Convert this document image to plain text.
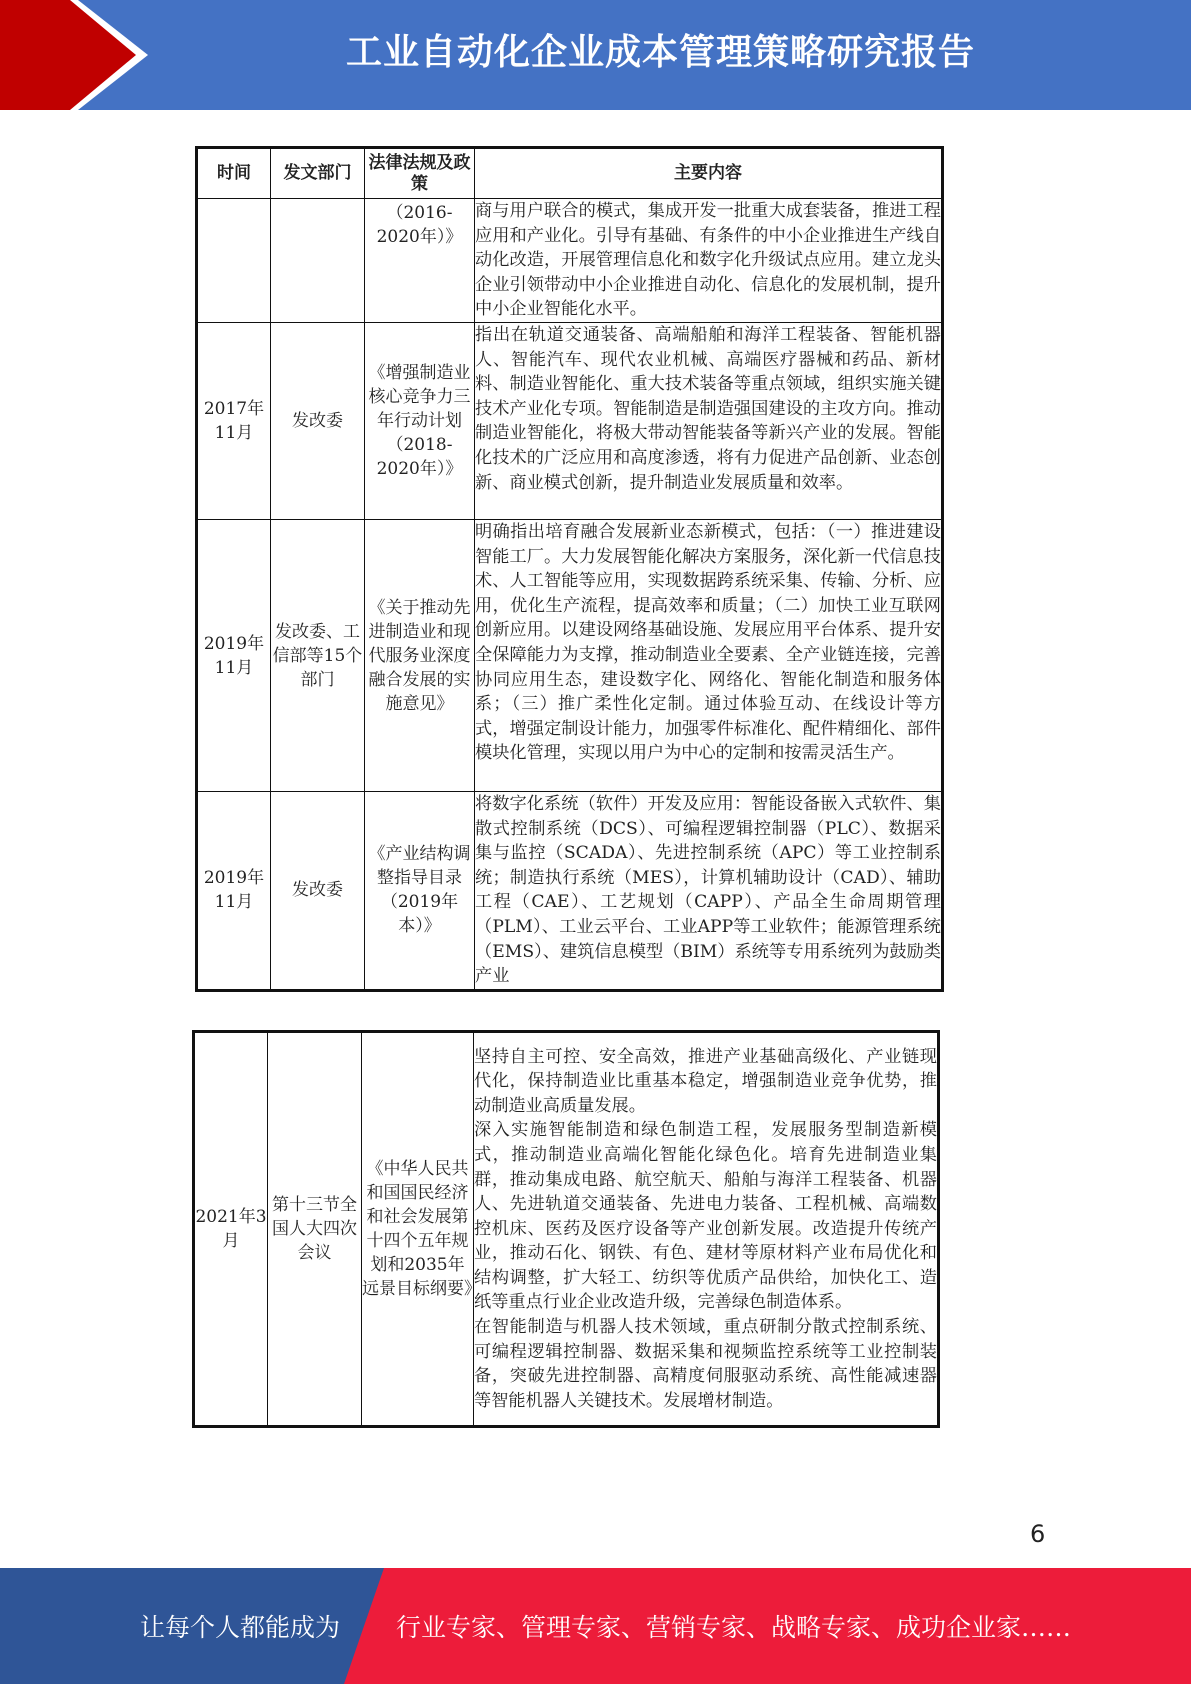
工业自动化企业成本管理策略研究报告
时间	发文部门	法律法规及政策	主要内容
		（2016-2020年）》	商与用户联合的模式，集成开发一批重大成套装备，推进工程应用和产业化。引导有基础、有条件的中小企业推进生产线自动化改造，开展管理信息化和数字化升级试点应用。建立龙头企业引领带动中小企业推进自动化、信息化的发展机制，提升中小企业智能化水平。
2017年11月	发改委	《增强制造业核心竞争力三年行动计划（2018-2020年）》	指出在轨道交通装备、高端船舶和海洋工程装备、智能机器人、智能汽车、现代农业机械、高端医疗器械和药品、新材料、制造业智能化、重大技术装备等重点领域，组织实施关键技术产业化专项。智能制造是制造强国建设的主攻方向。推动制造业智能化，将极大带动智能装备等新兴产业的发展。智能化技术的广泛应用和高度渗透，将有力促进产品创新、业态创新、商业模式创新，提升制造业发展质量和效率。
2019年11月	发改委、工信部等15个部门	《关于推动先进制造业和现代服务业深度融合发展的实施意见》	明确指出培育融合发展新业态新模式，包括：（一）推进建设智能工厂。大力发展智能化解决方案服务，深化新一代信息技术、人工智能等应用，实现数据跨系统采集、传输、分析、应用，优化生产流程，提高效率和质量；（二）加快工业互联网创新应用。以建设网络基础设施、发展应用平台体系、提升安全保障能力为支撑，推动制造业全要素、全产业链连接，完善协同应用生态，建设数字化、网络化、智能化制造和服务体系；（三）推广柔性化定制。通过体验互动、在线设计等方式，增强定制设计能力，加强零件标准化、配件精细化、部件模块化管理，实现以用户为中心的定制和按需灵活生产。
2019年11月	发改委	《产业结构调整指导目录（2019年本）》	将数字化系统（软件）开发及应用：智能设备嵌入式软件、集散式控制系统（DCS）、可编程逻辑控制器（PLC）、数据采集与监控（SCADA）、先进控制系统（APC）等工业控制系统；制造执行系统（MES），计算机辅助设计（CAD）、辅助工程（CAE）、工艺规划（CAPP）、产品全生命周期管理（PLM）、工业云平台、工业APP等工业软件；能源管理系统（EMS）、建筑信息模型（BIM）系统等专用系统列为鼓励类产业
2021年3月	第十三节全国人大四次会议	《中华人民共和国国民经济和社会发展第十四个五年规划和2035年远景目标纲要》	
坚持自主可控、安全高效，推进产业基础高级化、产业链现代化，保持制造业比重基本稳定，增强制造业竞争优势，推动制造业高质量发展。
深入实施智能制造和绿色制造工程，发展服务型制造新模式，推动制造业高端化智能化绿色化。培育先进制造业集群，推动集成电路、航空航天、船舶与海洋工程装备、机器人、先进轨道交通装备、先进电力装备、工程机械、高端数控机床、医药及医疗设备等产业创新发展。改造提升传统产业，推动石化、钢铁、有色、建材等原材料产业布局优化和结构调整，扩大轻工、纺织等优质产品供给，加快化工、造纸等重点行业企业改造升级，完善绿色制造体系。
在智能制造与机器人技术领域，重点研制分散式控制系统、可编程逻辑控制器、数据采集和视频监控系统等工业控制装备，突破先进控制器、高精度伺服驱动系统、高性能减速器等智能机器人关键技术。发展增材制造。
6
让每个人都能成为 行业专家、管理专家、营销专家、战略专家、成功企业家……
